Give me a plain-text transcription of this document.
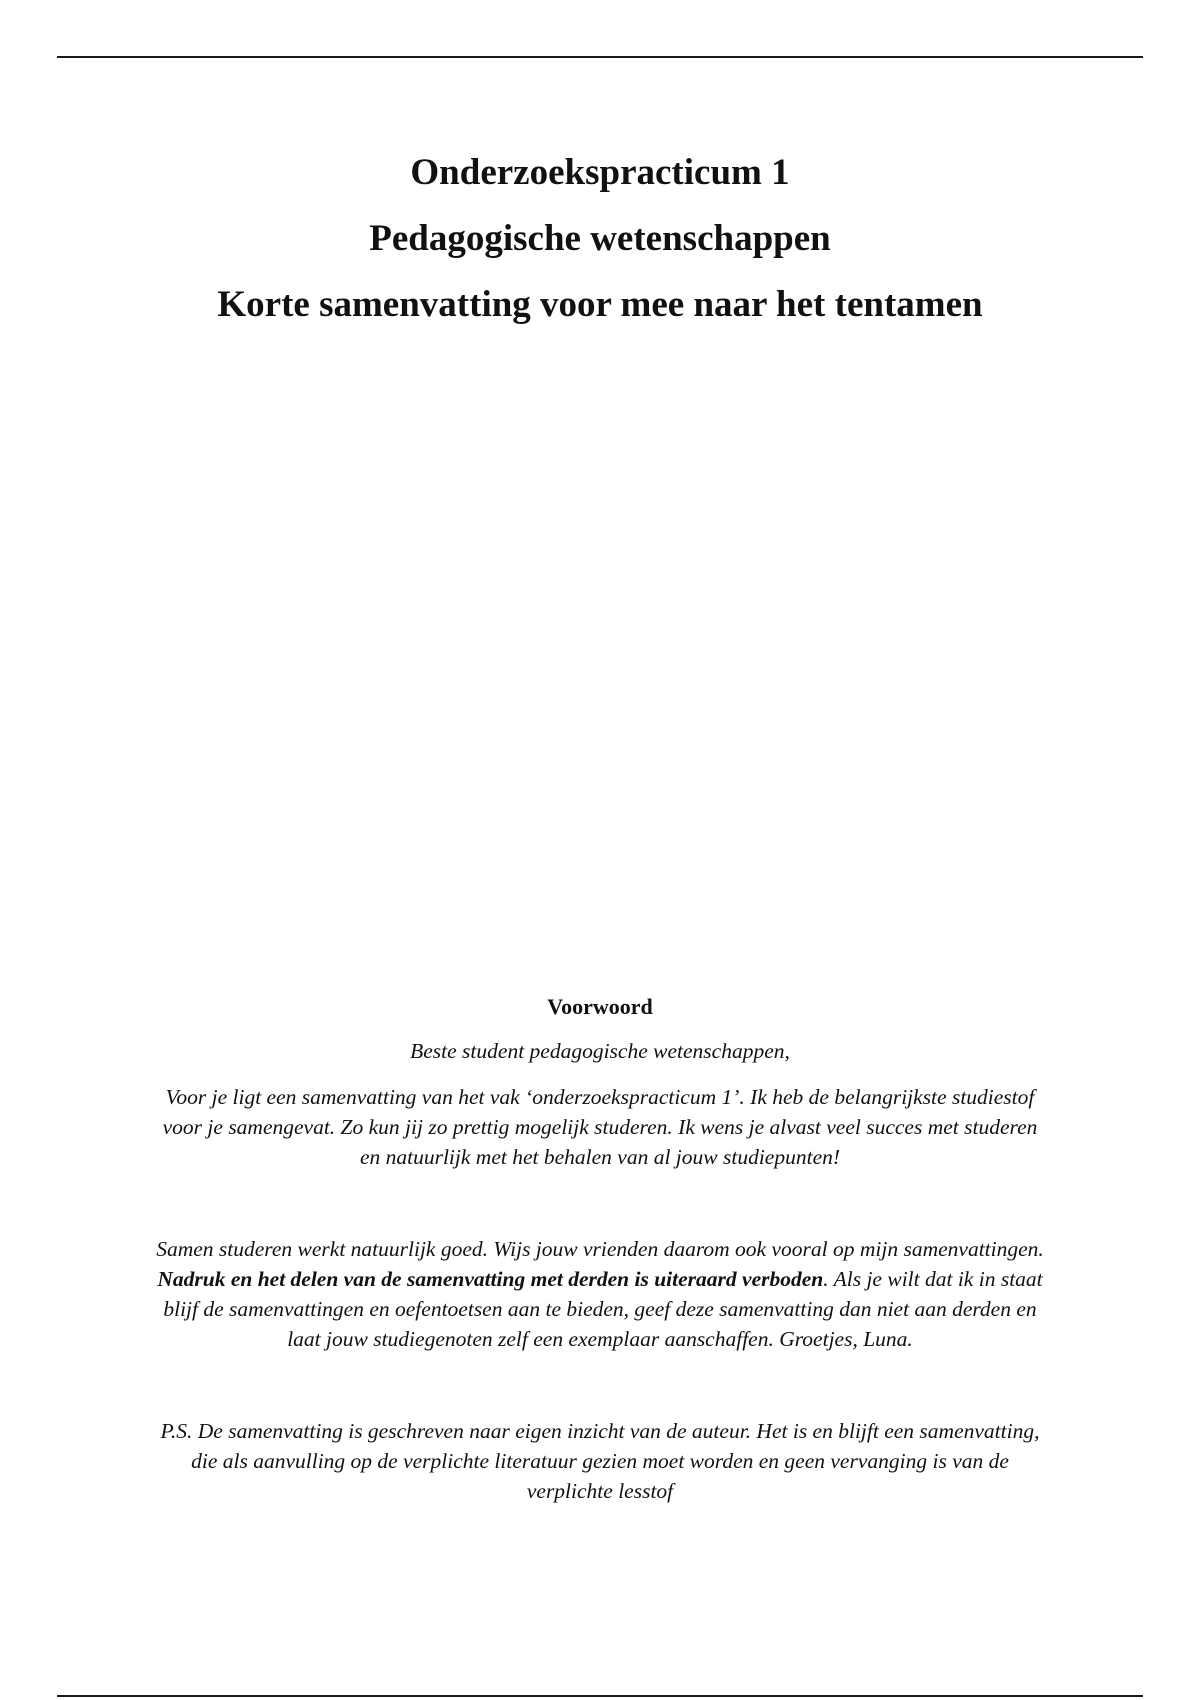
Onderzoekspracticum 1
Pedagogische wetenschappen
Korte samenvatting voor mee naar het tentamen
Voorwoord

Beste student pedagogische wetenschappen,

Voor je ligt een samenvatting van het vak ‘onderzoekspracticum 1’. Ik heb de belangrijkste studiestof voor je samengevat. Zo kun jij zo prettig mogelijk studeren. Ik wens je alvast veel succes met studeren en natuurlijk met het behalen van al jouw studiepunten!

Samen studeren werkt natuurlijk goed. Wijs jouw vrienden daarom ook vooral op mijn samenvattingen. Nadruk en het delen van de samenvatting met derden is uiteraard verboden. Als je wilt dat ik in staat blijf de samenvattingen en oefentoetsen aan te bieden, geef deze samenvatting dan niet aan derden en laat jouw studiegenoten zelf een exemplaar aanschaffen. Groetjes, Luna.

P.S. De samenvatting is geschreven naar eigen inzicht van de auteur. Het is en blijft een samenvatting, die als aanvulling op de verplichte literatuur gezien moet worden en geen vervanging is van de verplichte lesstof
